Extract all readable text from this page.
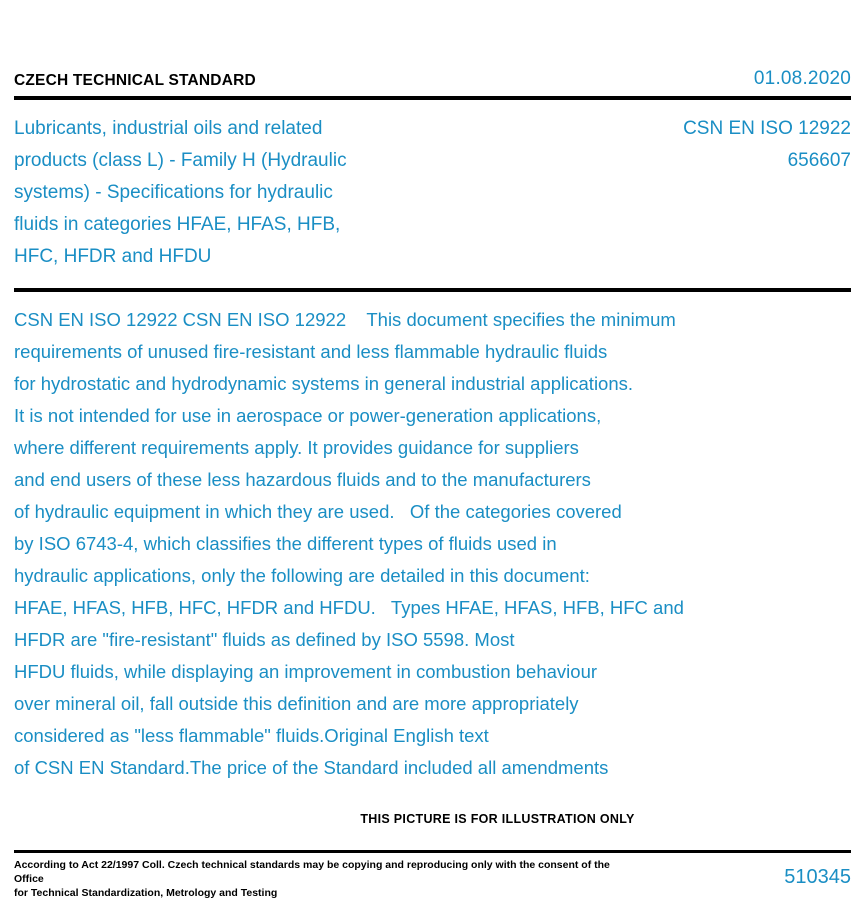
CZECH TECHNICAL STANDARD	01.08.2020
Lubricants, industrial oils and related
products (class L) - Family H (Hydraulic
systems) - Specifications for hydraulic
fluids in categories HFAE, HFAS, HFB,
HFC, HFDR and HFDU
CSN EN ISO 12922
656607
CSN EN ISO 12922 CSN EN ISO 12922    This document specifies the minimum
requirements of unused fire-resistant and less flammable hydraulic fluids
for hydrostatic and hydrodynamic systems in general industrial applications.
It is not intended for use in aerospace or power-generation applications,
where different requirements apply. It provides guidance for suppliers
and end users of these less hazardous fluids and to the manufacturers
of hydraulic equipment in which they are used.   Of the categories covered
by ISO 6743-4, which classifies the different types of fluids used in
hydraulic applications, only the following are detailed in this document:
HFAE, HFAS, HFB, HFC, HFDR and HFDU.   Types HFAE, HFAS, HFB, HFC and
HFDR are "fire-resistant" fluids as defined by ISO 5598. Most
HFDU fluids, while displaying an improvement in combustion behaviour
over mineral oil, fall outside this definition and are more appropriately
considered as "less flammable" fluids.Original English text
of CSN EN Standard.The price of the Standard included all amendments
THIS PICTURE IS FOR ILLUSTRATION ONLY
According to Act 22/1997 Coll. Czech technical standards may be copying and reproducing only with the consent of the Office
for Technical Standardization, Metrology and Testing
510345
